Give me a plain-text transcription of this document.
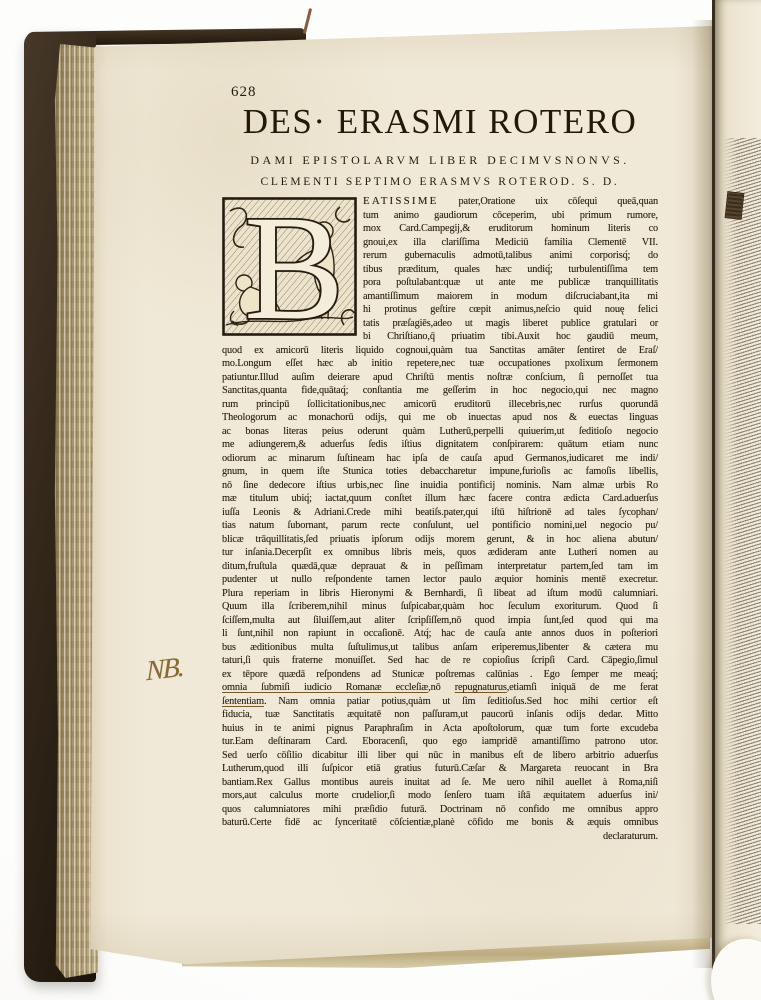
628
DES· ERASMI ROTERO
DAMI EPISTOLARVM LIBER DECIMVSNONVS.
CLEMENTI SEPTIMO ERASMVS ROTEROD. S. D.
NB.
B	EATISSIME pater,Oratione uix cōſequi queā,quan
tum animo gaudiorum cōceperim, ubi primum rumore,
mox Card.Campegij,& eruditorum hominum literis co
gnoui,ex illa clariſſima Mediciū familia Clementē VII.
rerum gubernaculis admotū,talibus animi corporisq́; do
tibus præditum, quales hæc undiq́; turbulentiſſima tem
pora poſtulabant:quæ ut ante me publicæ tranquillitatis
amantiſſimum maiorem in modum diſcruciabant,ita mi
hi protinus geſtire cœpit animus,neſcio quid nouę felici
tatis præſagiēs,adeo ut magis liberet publice gratulari or
bi Chriſtiano,q̄ priuatim tibi.Auxit hoc gaudiū meum,
quod ex amicorū literis liquido cognoui,quàm tua Sanctitas amāter ſentiret de Eraſ/
mo.Longum eſſet hæc ab initio repetere,nec tuæ occupationes pxolixum ſermonem
patiuntur.Illud auſim deierare apud Chriſtū mentis noſtræ conſcium, ſi pernoſſet tua
Sanctitas,quanta fide,quātaq́; conſtantia me geſſerim in hoc negocio,qui nec magno
rum principū ſollicitationibus,nec amicorū eruditorū illecebris,nec rurſus quorundā
Theologorum ac monachorū odijs, qui me ob inuectas apud nos & euectas linguas
ac bonas literas peius oderunt quàm Lutherū,perpelli quiuerim,ut ſeditioſo negocio
me adiungerem,& aduerſus ſedis iſtius dignitatem conſpirarem: quātum etiam nunc
odiorum ac minarum ſuſtineam hac ipſa de cauſa apud Germanos,iudicaret me indi/
gnum, in quem iſte Stunica toties debaccharetur impune,furioſis ac famoſis libellis,
nō ſine dedecore iſtius urbis,nec ſine inuidia pontificij nominis. Nam almæ urbis Ro
mæ titulum ubiq́; iactat,quum conſtet illum hæc facere contra ædicta Card.aduerſus
iuſſa Leonis & Adriani.Crede mihi beatiſs.pater,qui iſtū hiſtrionē ad tales ſycophan/
tias natum ſubornant, parum recte conſulunt, uel pontificio nomini,uel negocio pu/
blicæ trāquillitatis,ſed priuatis ipſorum odijs morem gerunt, & in hoc aliena abutun/
tur inſania.Decerpſit ex omnibus libris meis, quos ædideram ante Lutheri nomen au
ditum,fruſtula quædā,quæ deprauat & in peſſimam interpretatur partem,ſed tam im
pudenter ut nullo reſpondente tamen lector paulo æquior hominis mentē execretur.
Plura reperiam in libris Hieronymi & Bernhardi, ſi libeat ad iſtum modū calumniari.
Quum illa ſcriberem,nihil minus ſuſpicabar,quàm hoc ſeculum exoriturum. Quod ſi
ſciſſem,multa aut ſiluiſſem,aut aliter ſcripſiſſem,nō quod impia ſunt,ſed quod qui ma
li ſunt,nihil non rapiunt in occaſionē. Atq́; hac de cauſa ante annos duos in poſteriori
bus æditionibus multa ſuſtulimus,ut talibus anſam eriperemus,libenter & cætera mu
taturi,ſi quis fraterne monuiſſet. Sed hac de re copioſius ſcripſi Card. Cāpegio,ſimul
ex tēpore quædā reſpondens ad Stunicæ poſtremas calūnias . Ego ſemper me meaq́;
omnia ſubmiſi iudicio Romanæ eccleſiæ,nō repugnaturus,etiamſi iniquā de me ferat
ſententiam. Nam omnia patiar potius,quàm ut ſim ſeditioſus.Sed hoc mihi certior eſt
fiducia, tuæ Sanctitatis æquitatē non paſſuram,ut paucorū inſanis odijs dedar. Mitto
huius in te animi pignus Paraphraſim in Acta apoſtolorum, quæ tum forte excudeba
tur.Eam deſtinaram Card. Eboracenſi, quo ego iampridē amantiſſimo patrono utor.
Sed uerſo cōſilio dicabitur illi liber qui nūc in manibus eſt de libero arbitrio aduerſus
Lutherum,quod illi ſuſpicor etiā gratius futurū.Cæſar & Margareta reuocant in Bra
bantiam.Rex Gallus montibus aureis inuitat ad ſe. Me uero nihil auellet à Roma,niſi
mors,aut calculus morte crudelior,ſi modo ſenſero tuam iſtā æquitatem aduerſus ini/
quos calumniatores mihi præſidio futurā. Doctrinam nō confido me omnibus appro
baturū.Certe fidē ac ſynceritatē cōſcientiæ,planè cōfido me bonis & æquis omnibus
declaraturum.
